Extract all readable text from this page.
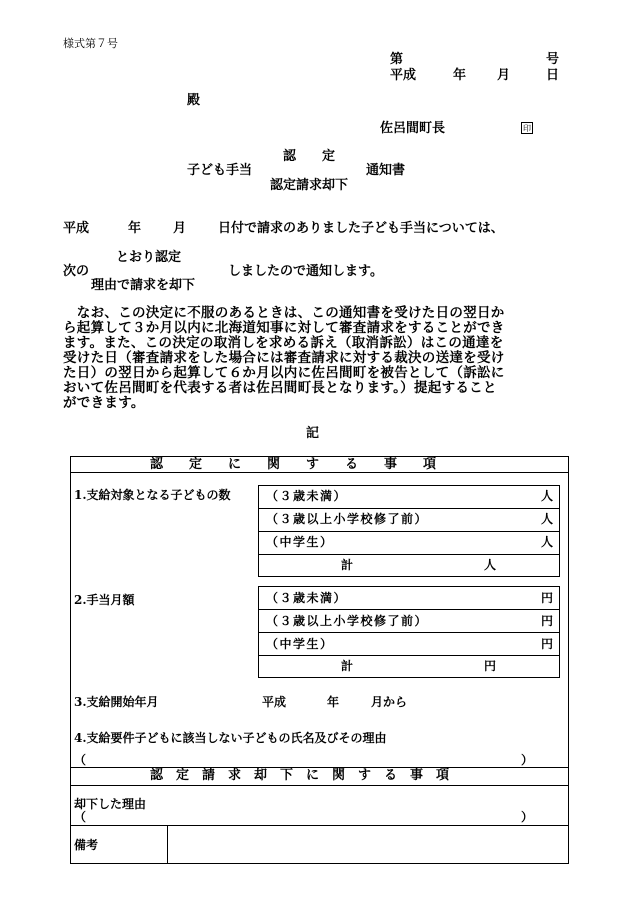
様式第７号
第	号
平成	年 月	日
殿
佐呂間町長	印
認　　定
子ども手当	通知書
認定請求却下
平成	年 月 日付で請求のありました子ども手当については、
とおり認定
次の	しましたので通知します。
理由で請求を却下
　なお、この決定に不服のあるときは、この通知書を受けた日の翌日か
ら起算して３か月以内に北海道知事に対して審査請求をすることができ
ます。また、この決定の取消しを求める訴え（取消訴訟）はこの通達を
受けた日（審査請求をした場合には審査請求に対する裁決の送達を受け
た日）の翌日から起算して６か月以内に佐呂間町を被告として（訴訟に
おいて佐呂間町を代表する者は佐呂間町長となります。）提起すること
ができます。
記
認　　定　　に　　関　　す　　る　　事　　項
1.支給対象となる子どもの数	（３歳未満）	人
（３歳以上小学校修了前）	人
（中学生）	人
計	人
2.手当月額	（３歳未満）	円
（３歳以上小学校修了前）	円
（中学生）	円
計	円
3.支給開始年月	平成	年	月から
4.支給要件子どもに該当しない子どもの氏名及びその理由
（	）
認　定　請　求　却　下　に　関　す　る　事　項
却下した理由
（	）
備考
